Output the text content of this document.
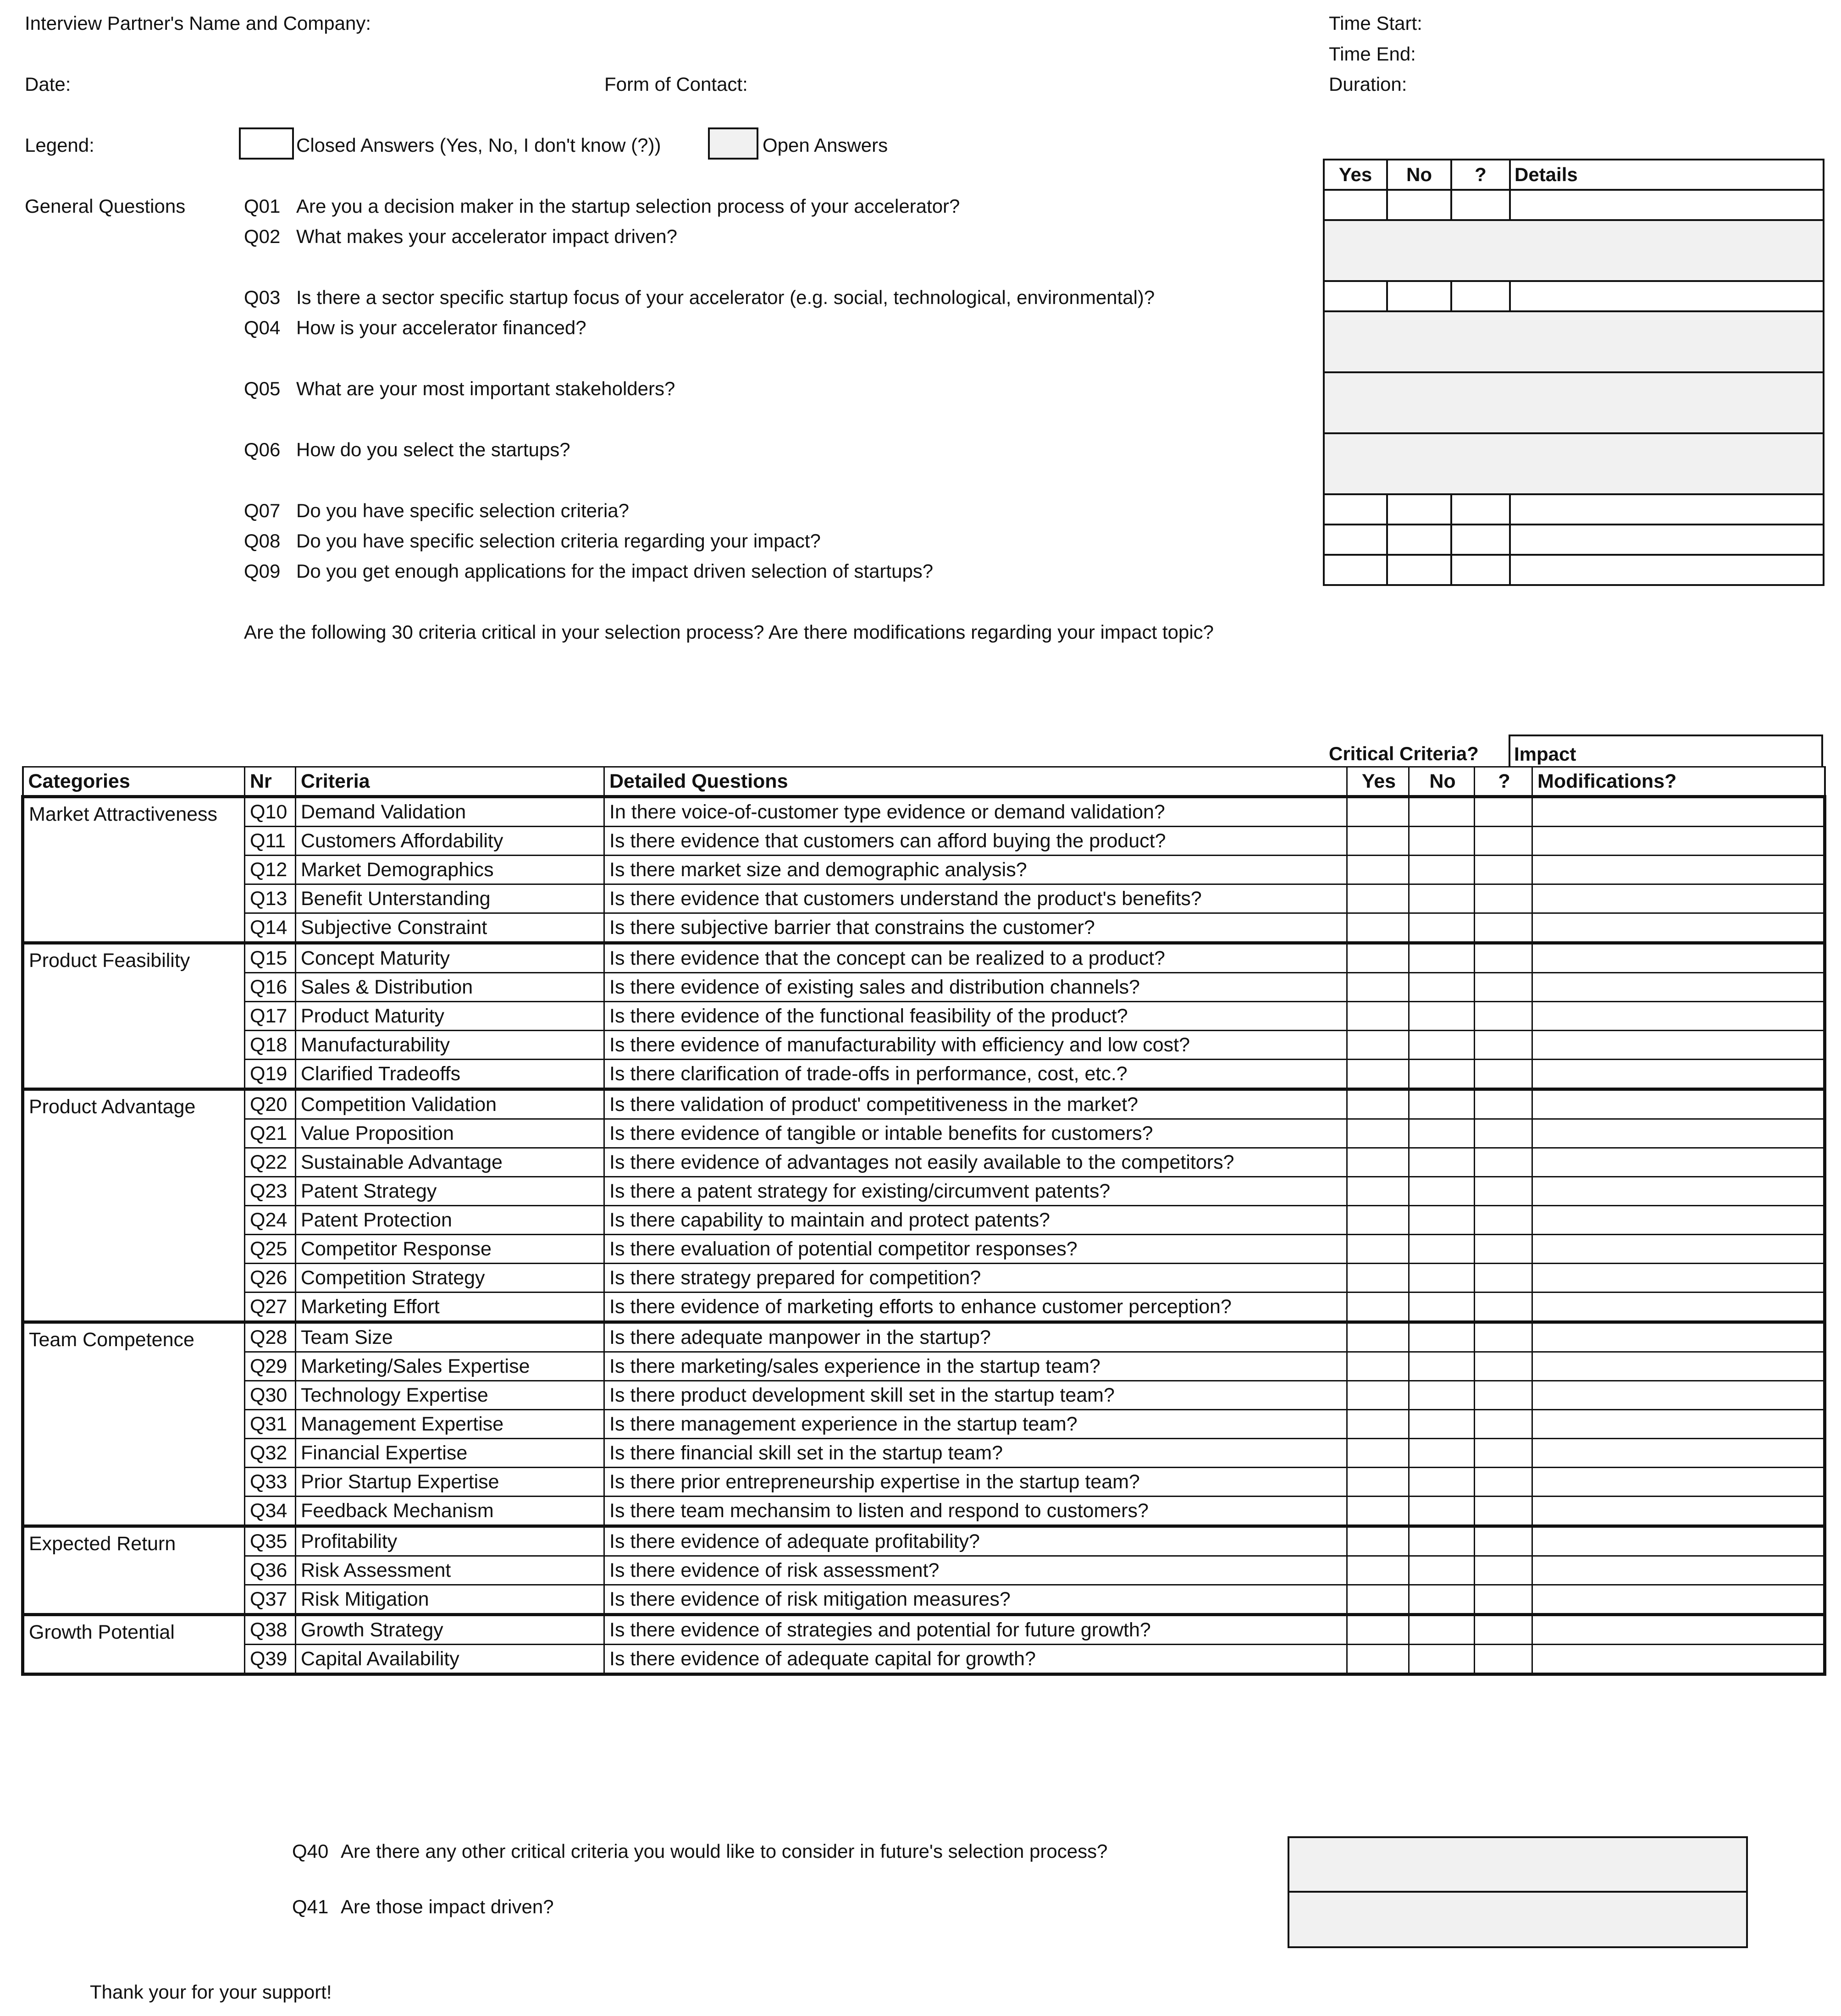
Interview Partner's Name and Company:
Date:	Form of Contact:
Time Start:
Time End:
Duration:
Legend:	Closed Answers (Yes, No, I don't know (?))	Open Answers
General Questions	Q01 Are you a decision maker in the startup selection process of your accelerator?
Q02 What makes your accelerator impact driven?
Q03 Is there a sector specific startup focus of your accelerator (e.g. social, technological, environmental)?
Q04 How is your accelerator financed?
Q05 What are your most important stakeholders?
Q06 How do you select the startups?
Q07 Do you have specific selection criteria?
Q08 Do you have specific selection criteria regarding your impact?
Q09 Do you get enough applications for the impact driven selection of startups?
Yes	No	?	Details

Are the following 30 criteria critical in your selection process? Are there modifications regarding your impact topic?
Critical Criteria? Impact
Categories	Nr	Criteria	Detailed Questions	Yes	No	?	Modifications?
Market Attractiveness	Q10	Demand Validation	In there voice-of-customer type evidence or demand validation?				
	Q11	Customers Affordability	Is there evidence that customers can afford buying the product?				
	Q12	Market Demographics	Is there market size and demographic analysis?				
	Q13	Benefit Unterstanding	Is there evidence that customers understand the product's benefits?				
	Q14	Subjective Constraint	Is there subjective barrier that constrains the customer?				
Product Feasibility	Q15	Concept Maturity	Is there evidence that the concept can be realized to a product?				
	Q16	Sales & Distribution	Is there evidence of existing sales and distribution channels?				
	Q17	Product Maturity	Is there evidence of the functional feasibility of the product?				
	Q18	Manufacturability	Is there evidence of manufacturability with efficiency and low cost?				
	Q19	Clarified Tradeoffs	Is there clarification of trade-offs in performance, cost, etc.?				
Product Advantage	Q20	Competition Validation	Is there validation of product' competitiveness in the market?				
	Q21	Value Proposition	Is there evidence of tangible or intable benefits for customers?				
	Q22	Sustainable Advantage	Is there evidence of advantages not easily available to the competitors?				
	Q23	Patent Strategy	Is there a patent strategy for existing/circumvent patents?				
	Q24	Patent Protection	Is there capability to maintain and protect patents?				
	Q25	Competitor Response	Is there evaluation of potential competitor responses?				
	Q26	Competition Strategy	Is there strategy prepared for competition?				
	Q27	Marketing Effort	Is there evidence of marketing efforts to enhance customer perception?				
Team Competence	Q28	Team Size	Is there adequate manpower in the startup?				
	Q29	Marketing/Sales Expertise	Is there marketing/sales experience in the startup team?				
	Q30	Technology Expertise	Is there product development skill set in the startup team?				
	Q31	Management Expertise	Is there management experience in the startup team?				
	Q32	Financial Expertise	Is there financial skill set in the startup team?				
	Q33	Prior Startup Expertise	Is there prior entrepreneurship expertise in the startup team?				
	Q34	Feedback Mechanism	Is there team mechansim to listen and respond to customers?				
Expected Return	Q35	Profitability	Is there evidence of adequate profitability?				
	Q36	Risk Assessment	Is there evidence of risk assessment?				
	Q37	Risk Mitigation	Is there evidence of risk mitigation measures?				
Growth Potential	Q38	Growth Strategy	Is there evidence of strategies and potential for future growth?				
	Q39	Capital Availability	Is there evidence of adequate capital for growth?				
Q40 Are there any other critical criteria you would like to consider in future's selection process?
Q41 Are those impact driven?
Thank your for your support!
